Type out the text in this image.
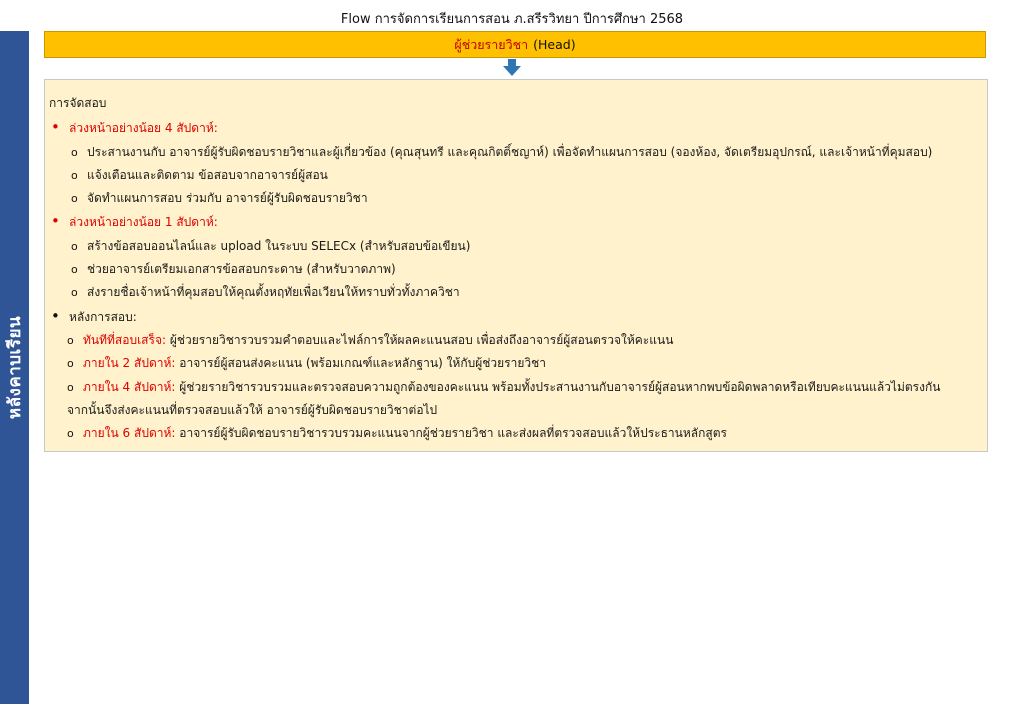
Flow การจัดการเรียนการสอน ภ.สรีรวิทยา ปีการศึกษา 2568
หลังคาบเรียน
ผู้ช่วยรายวิชา (Head)
การจัดสอบ
• ล่วงหน้าอย่างน้อย 4 สัปดาห์:
o ประสานงานกับ อาจารย์ผู้รับผิดชอบรายวิชาและผู้เกี่ยวข้อง (คุณสุนทรี และคุณกิตติ์ชญาห์) เพื่อจัดทำแผนการสอบ (จองห้อง, จัดเตรียมอุปกรณ์, และเจ้าหน้าที่คุมสอบ)
o แจ้งเตือนและติดตาม ข้อสอบจากอาจารย์ผู้สอน
o จัดทำแผนการสอบ ร่วมกับ อาจารย์ผู้รับผิดชอบรายวิชา
• ล่วงหน้าอย่างน้อย 1 สัปดาห์:
o สร้างข้อสอบออนไลน์และ upload ในระบบ SELECx (สำหรับสอบข้อเขียน)
o ช่วยอาจารย์เตรียมเอกสารข้อสอบกระดาษ (สำหรับวาดภาพ)
o ส่งรายชื่อเจ้าหน้าที่คุมสอบให้คุณตั้งหฤทัยเพื่อเวียนให้ทราบทั่วทั้งภาควิชา
• หลังการสอบ:
o ทันทีที่สอบเสร็จ: ผู้ช่วยรายวิชารวบรวมคำตอบและไฟล์การให้ผลคะแนนสอบ เพื่อส่งถึงอาจารย์ผู้สอนตรวจให้คะแนน
o ภายใน 2 สัปดาห์: อาจารย์ผู้สอนส่งคะแนน (พร้อมเกณฑ์และหลักฐาน) ให้กับผู้ช่วยรายวิชา
o ภายใน 4 สัปดาห์: ผู้ช่วยรายวิชารวบรวมและตรวจสอบความถูกต้องของคะแนน พร้อมทั้งประสานงานกับอาจารย์ผู้สอนหากพบข้อผิดพลาดหรือเทียบคะแนนแล้วไม่ตรงกัน
จากนั้นจึงส่งคะแนนที่ตรวจสอบแล้วให้ อาจารย์ผู้รับผิดชอบรายวิชาต่อไป
o ภายใน 6 สัปดาห์: อาจารย์ผู้รับผิดชอบรายวิชารวบรวมคะแนนจากผู้ช่วยรายวิชา และส่งผลที่ตรวจสอบแล้วให้ประธานหลักสูตร
